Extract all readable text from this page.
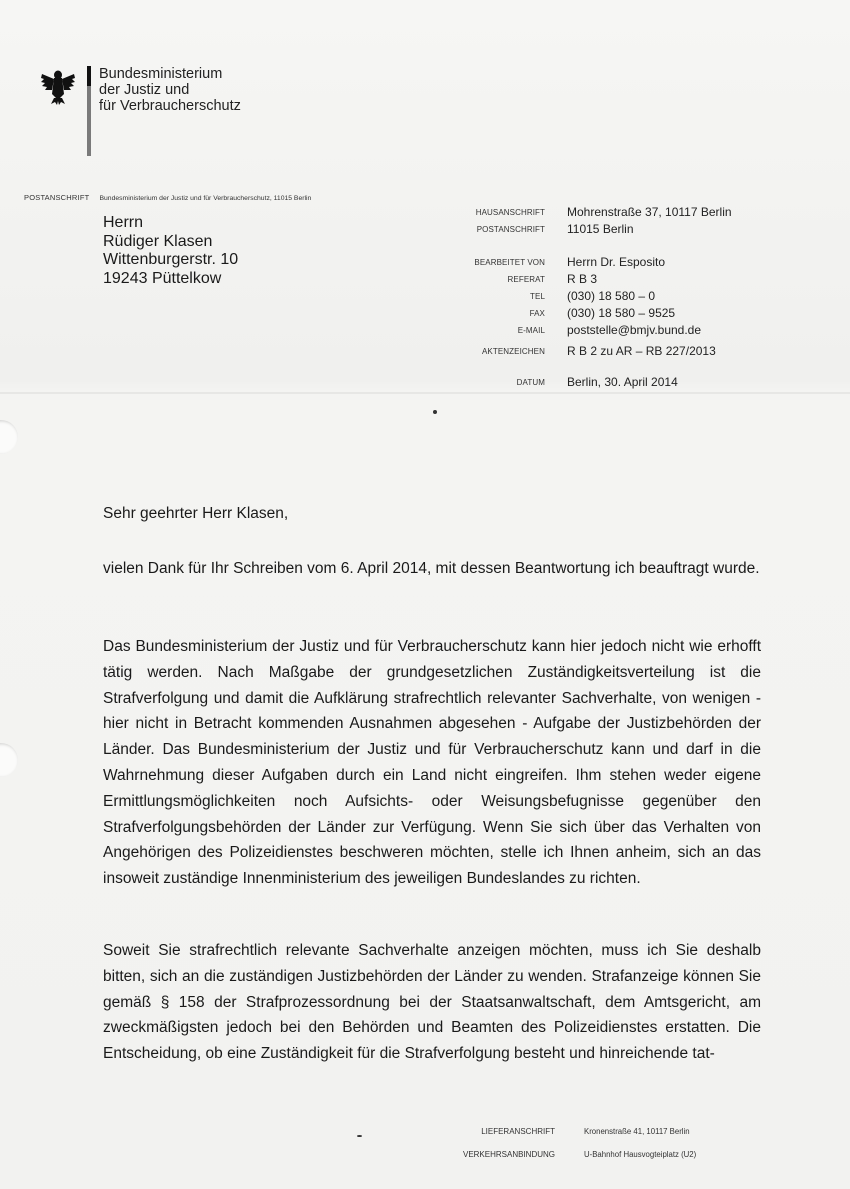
Bundesministerium
der Justiz und
für Verbraucherschutz
POSTANSCHRIFT Bundesministerium der Justiz und für Verbraucherschutz, 11015 Berlin
Herrn
Rüdiger Klasen
Wittenburgerstr. 10
19243 Püttelkow
HAUSANSCHRIFT Mohrenstraße 37, 10117 Berlin
POSTANSCHRIFT 11015 Berlin
BEARBEITET VON Herrn Dr. Esposito
REFERAT R B 3
TEL (030) 18 580 – 0
FAX (030) 18 580 – 9525
E-MAIL poststelle@bmjv.bund.de
AKTENZEICHEN R B 2 zu AR – RB 227/2013
DATUM Berlin, 30. April 2014
Sehr geehrter Herr Klasen,

vielen Dank für Ihr Schreiben vom 6. April 2014, mit dessen Beantwortung ich beauftragt wurde.

Das Bundesministerium der Justiz und für Verbraucherschutz kann hier jedoch nicht wie erhofft tätig werden. Nach Maßgabe der grundgesetzlichen Zuständigkeitsverteilung ist die Strafverfolgung und damit die Aufklärung strafrechtlich relevanter Sachverhalte, von wenigen - hier nicht in Betracht kommenden Ausnahmen abgesehen - Aufgabe der Justizbehörden der Länder. Das Bundesministerium der Justiz und für Verbraucherschutz kann und darf in die Wahrnehmung dieser Aufgaben durch ein Land nicht eingreifen. Ihm stehen weder eigene Ermittlungsmöglichkeiten noch Aufsichts- oder Weisungsbefugnisse gegenüber den Strafverfolgungsbehörden der Länder zur Verfügung. Wenn Sie sich über das Verhalten von Angehörigen des Polizeidienstes beschweren möchten, stelle ich Ihnen anheim, sich an das insoweit zuständige Innenministerium des jeweiligen Bundeslandes zu richten.

Soweit Sie strafrechtlich relevante Sachverhalte anzeigen möchten, muss ich Sie deshalb bitten, sich an die zuständigen Justizbehörden der Länder zu wenden. Strafanzeige können Sie gemäß § 158 der Strafprozessordnung bei der Staatsanwaltschaft, dem Amtsgericht, am zweckmäßigsten jedoch bei den Behörden und Beamten des Polizeidienstes erstatten. Die Entscheidung, ob eine Zuständigkeit für die Strafverfolgung besteht und hinreichende tat-

LIEFERANSCHRIFT	Kronenstraße 41, 10117 Berlin
VERKEHRSANBINDUNG	U-Bahnhof Hausvogteiplatz (U2)
